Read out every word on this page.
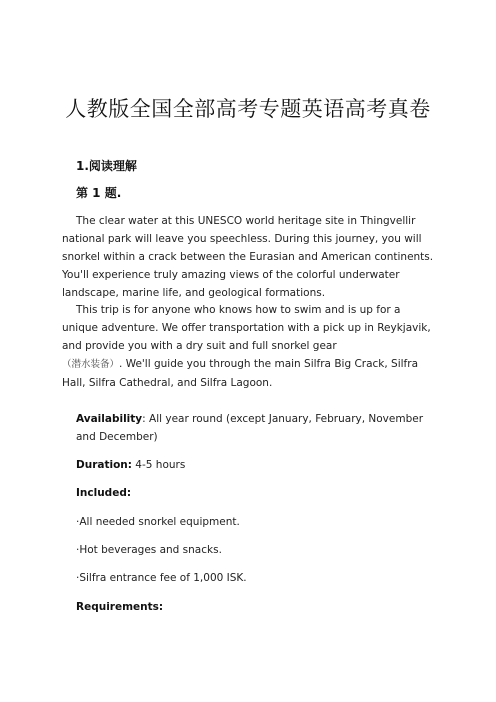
人教版全国全部高考专题英语高考真卷
1.阅读理解
第 1 题.
The clear water at this UNESCO world heritage site in Thingvellir national park will leave you speechless. During this journey, you will snorkel within a crack between the Eurasian and American continents. You'll experience truly amazing views of the colorful underwater landscape, marine life, and geological formations.
This trip is for anyone who knows how to swim and is up for a unique adventure. We offer transportation with a pick up in Reykjavik, and provide you with a dry suit and full snorkel gear
（潜水装备）. We'll guide you through the main Silfra Big Crack, Silfra Hall, Silfra Cathedral, and Silfra Lagoon.
Availability: All year round (except January, February, November and December)
Duration: 4-5 hours
Included:
·All needed snorkel equipment.
·Hot beverages and snacks.
·Silfra entrance fee of 1,000 ISK.
Requirements:
